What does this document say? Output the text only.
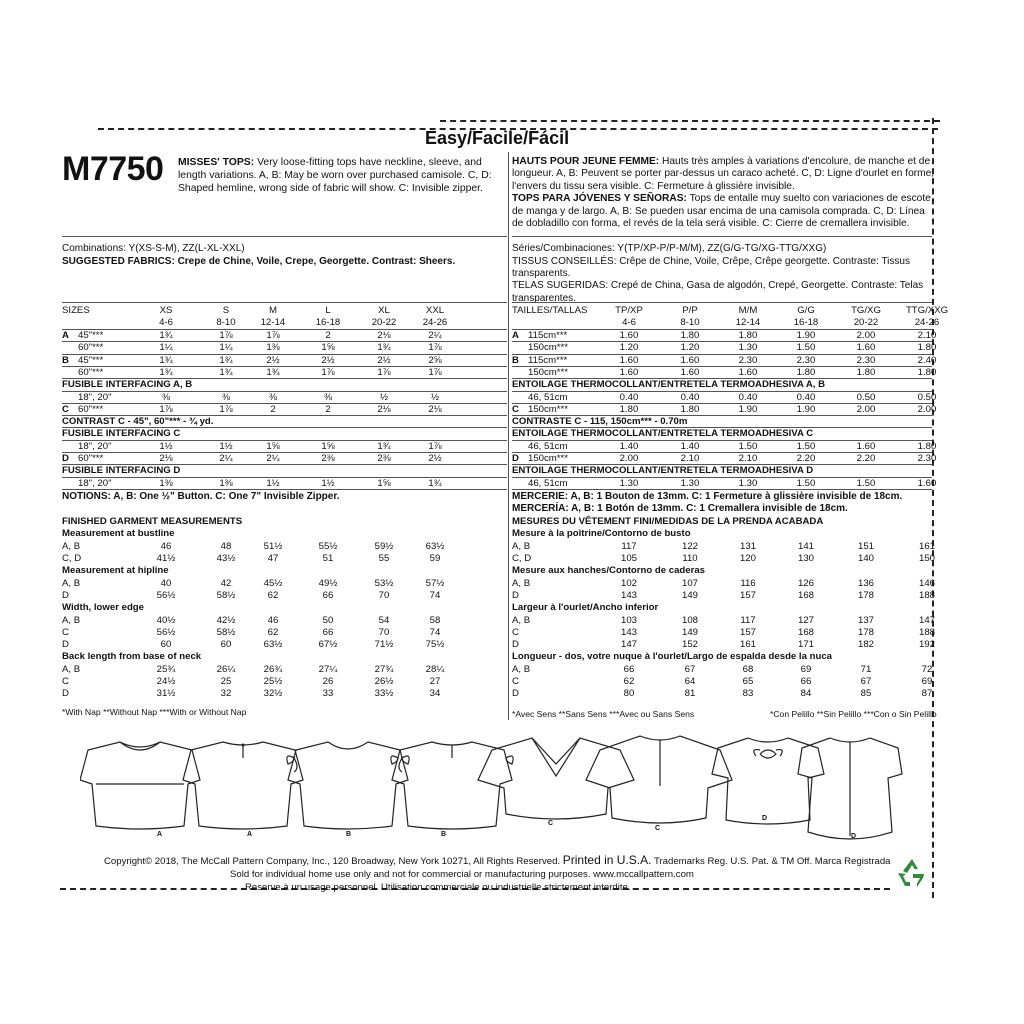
Easy/Facile/Fácil
M7750 MISSES' TOPS: Very loose-fitting tops have neckline, sleeve, and
length variations. A, B: May be worn over purchased camisole. C, D:
Shaped hemline, wrong side of fabric will show. C: Invisible zipper.
HAUTS POUR JEUNE FEMME: Hauts très amples à variations d'encolure, de manche et de
longueur. A, B: Peuvent se porter par-dessus un caraco acheté. C, D: Ligne d'ourlet en forme,
l'envers du tissu sera visible. C: Fermeture à glissière invisible.
TOPS PARA JÓVENES Y SEÑORAS: Tops de entalle muy suelto con variaciones de escote,
de manga y de largo. A, B: Se pueden usar encima de una camisola comprada. C, D: Línea
de dobladillo con forma, el revés de la tela será visible. C: Cierre de cremallera invisible.
Combinations: Y(XS-S-M), ZZ(L-XL-XXL)
SUGGESTED FABRICS: Crepe de Chine, Voile, Crepe, Georgette. Contrast: Sheers.
Séries/Combinaciones: Y(TP/XP-P/P-M/M), ZZ(G/G-TG/XG-TTG/XXG)
TISSUS CONSEILLÉS: Crêpe de Chine, Voile, Crêpe, Crêpe georgette. Contraste: Tissus
transparents.
TELAS SUGERIDAS: Crepé de China, Gasa de algodón, Crepé, Georgette. Contraste: Telas
transparentes.
SIZES	XS	S	M	L	XL	XXL
4-6	8-10	12-14	16-18	20-22	24-26
A 45"***	1¾	1⅞	1⅞	2	2⅛	2¼
60"***	1¼	1¼	1⅜	1⅝	1¾	1⅞
B 45"***	1¾	1¾	2½	2½	2½	2⅝
60"***	1¾	1¾	1¾	1⅞	1⅞	1⅞
FUSIBLE INTERFACING A, B
18", 20"	⅜	⅜	⅜	⅜	½	½
C 60"***	1⅞	1⅞	2	2	2⅛	2⅛
CONTRAST C - 45", 60"*** - ¾ yd.
FUSIBLE INTERFACING C
18", 20"	1½	1½	1⅝	1⅝	1¾	1⅞
D 60"***	2⅛	2¼	2¼	2⅜	2⅜	2½
FUSIBLE INTERFACING D
18", 20"	1⅜	1⅜	1½	1½	1⅝	1¾
TAILLES/TALLAS	TP/XP	P/P	M/M	G/G	TG/XG	TTG/XXG
4-6	8-10	12-14	16-18	20-22	24-26
A 115cm***	1.60	1.80	1.80	1.90	2.00	2.10
150cm***	1.20	1.20	1.30	1.50	1.60	1.80
B 115cm***	1.60	1.60	2.30	2.30	2.30	2.40
150cm***	1.60	1.60	1.60	1.80	1.80	1.80
ENTOILAGE THERMOCOLLANT/ENTRETELA TERMOADHESIVA A, B
46, 51cm	0.40	0.40	0.40	0.40	0.50	0.50
C 150cm***	1.80	1.80	1.90	1.90	2.00	2.00
CONTRASTE C - 115, 150cm*** - 0.70m
ENTOILAGE THERMOCOLLANT/ENTRETELA TERMOADHESIVA C
46, 51cm	1.40	1.40	1.50	1.50	1.60	1.80
D 150cm***	2.00	2.10	2.10	2.20	2.20	2.30
ENTOILAGE THERMOCOLLANT/ENTRETELA TERMOADHESIVA D
46, 51cm	1.30	1.30	1.30	1.50	1.50	1.60
NOTIONS: A, B: One ½" Button. C: One 7" Invisible Zipper.	MERCERIE: A, B: 1 Bouton de 13mm. C: 1 Fermeture à glissière invisible de 18cm.
MERCERÍA: A, B: 1 Botón de 13mm. C: 1 Cremallera invisible de 18cm.
FINISHED GARMENT MEASUREMENTS
Measurement at bustline
A, B	46	48	51½	55½	59½	63½
C, D	41½	43½	47	51	55	59
Measurement at hipline
A, B	40	42	45½	49½	53½	57½
D	56½	58½	62	66	70	74
Width, lower edge
A, B	40½	42½	46	50	54	58
C	56½	58½	62	66	70	74
D	60	60	63½	67½	71½	75½
Back length from base of neck
A, B	25¾	26¼	26¾	27¼	27¾	28¼
C	24½	25	25½	26	26½	27
D	31½	32	32½	33	33½	34
MESURES DU VÊTEMENT FINI/MEDIDAS DE LA PRENDA ACABADA
Mesure à la poitrine/Contorno de busto
A, B	117	122	131	141	151	161
C, D	105	110	120	130	140	150
Mesure aux hanches/Contorno de caderas
A, B	102	107	116	126	136	146
D	143	149	157	168	178	188
Largeur à l'ourlet/Ancho inferior
A, B	103	108	117	127	137	147
C	143	149	157	168	178	188
D	147	152	161	171	182	192
Longueur - dos, votre nuque à l'ourlet/Largo de espalda desde la nuca
A, B	66	67	68	69	71	72
C	62	64	65	66	67	69
D	80	81	83	84	85	87
*With Nap **Without Nap ***With or Without Nap	*Avec Sens **Sans Sens ***Avec ou Sans Sens	*Con Pelillo **Sin Pelillo ***Con o Sin Pelillo
A	A	B	B
C
C
D
D
Copyright© 2018, The McCall Pattern Company, Inc., 120 Broadway, New York 10271, All Rights Reserved. Printed in U.S.A. Trademarks Reg. U.S. Pat. & TM Off. Marca Registrada
Sold for individual home use only and not for commercial or manufacturing purposes. www.mccallpattern.com
Reserve à un usage personnel. Utilisation commerciale ou industrielle strictement interdite.
